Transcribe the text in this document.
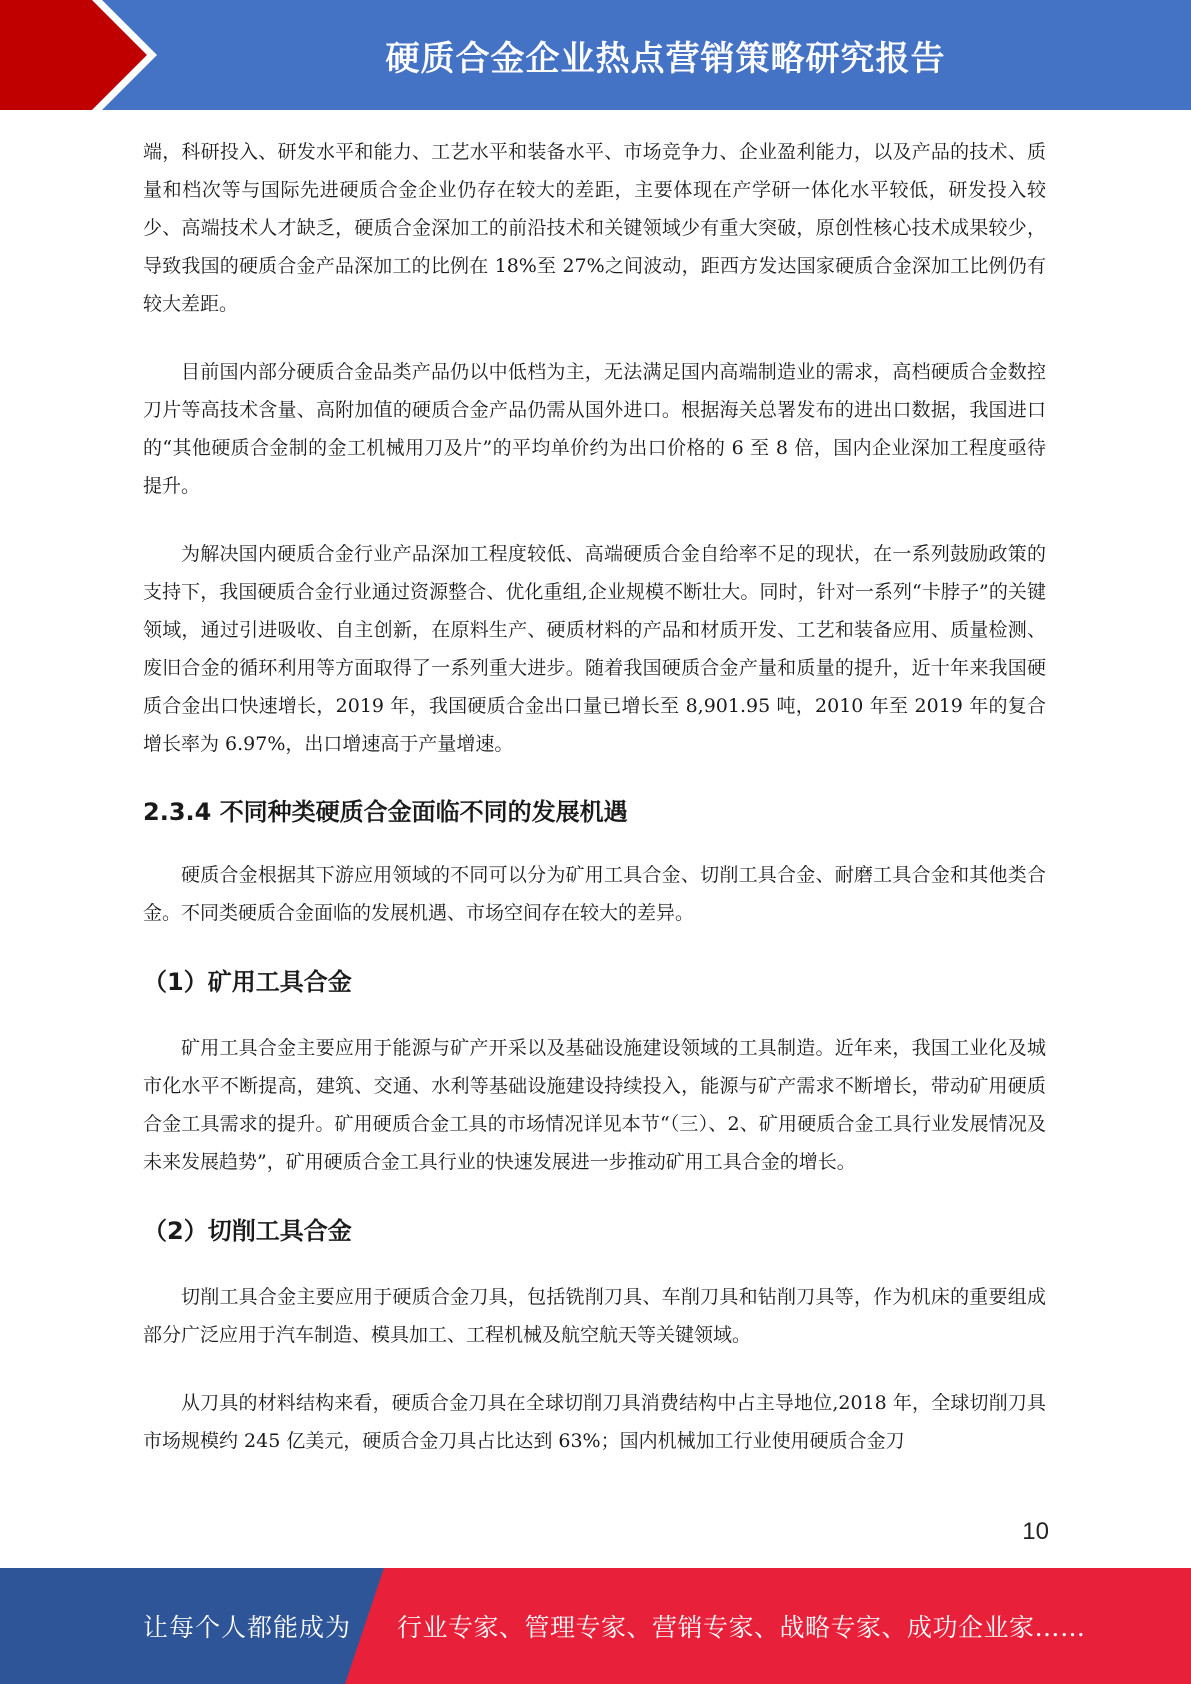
硬质合金企业热点营销策略研究报告

端，科研投入、研发水平和能力、工艺水平和装备水平、市场竞争力、企业盈利能力，以及产品的技术、质量和档次等与国际先进硬质合金企业仍存在较大的差距，主要体现在产学研一体化水平较低，研发投入较少、高端技术人才缺乏，硬质合金深加工的前沿技术和关键领域少有重大突破，原创性核心技术成果较少，导致我国的硬质合金产品深加工的比例在 18%至 27%之间波动，距西方发达国家硬质合金深加工比例仍有较大差距。

目前国内部分硬质合金品类产品仍以中低档为主，无法满足国内高端制造业的需求，高档硬质合金数控刀片等高技术含量、高附加值的硬质合金产品仍需从国外进口。根据海关总署发布的进出口数据，我国进口的“其他硬质合金制的金工机械用刀及片”的平均单价约为出口价格的 6 至 8 倍，国内企业深加工程度亟待提升。

为解决国内硬质合金行业产品深加工程度较低、高端硬质合金自给率不足的现状，在一系列鼓励政策的支持下，我国硬质合金行业通过资源整合、优化重组,企业规模不断壮大。同时，针对一系列“卡脖子”的关键领域，通过引进吸收、自主创新，在原料生产、硬质材料的产品和材质开发、工艺和装备应用、质量检测、废旧合金的循环利用等方面取得了一系列重大进步。随着我国硬质合金产量和质量的提升，近十年来我国硬质合金出口快速增长，2019 年，我国硬质合金出口量已增长至 8,901.95 吨，2010 年至 2019 年的复合增长率为 6.97%，出口增速高于产量增速。

2.3.4 不同种类硬质合金面临不同的发展机遇

硬质合金根据其下游应用领域的不同可以分为矿用工具合金、切削工具合金、耐磨工具合金和其他类合金。不同类硬质合金面临的发展机遇、市场空间存在较大的差异。

（1）矿用工具合金

矿用工具合金主要应用于能源与矿产开采以及基础设施建设领域的工具制造。近年来，我国工业化及城市化水平不断提高，建筑、交通、水利等基础设施建设持续投入，能源与矿产需求不断增长，带动矿用硬质合金工具需求的提升。矿用硬质合金工具的市场情况详见本节“（三）、2、矿用硬质合金工具行业发展情况及未来发展趋势”，矿用硬质合金工具行业的快速发展进一步推动矿用工具合金的增长。

（2）切削工具合金

切削工具合金主要应用于硬质合金刀具，包括铣削刀具、车削刀具和钻削刀具等，作为机床的重要组成部分广泛应用于汽车制造、模具加工、工程机械及航空航天等关键领域。

从刀具的材料结构来看，硬质合金刀具在全球切削刀具消费结构中占主导地位,2018 年，全球切削刀具市场规模约 245 亿美元，硬质合金刀具占比达到 63%；国内机械加工行业使用硬质合金刀

10
让每个人都能成为 行业专家、管理专家、营销专家、战略专家、成功企业家……
